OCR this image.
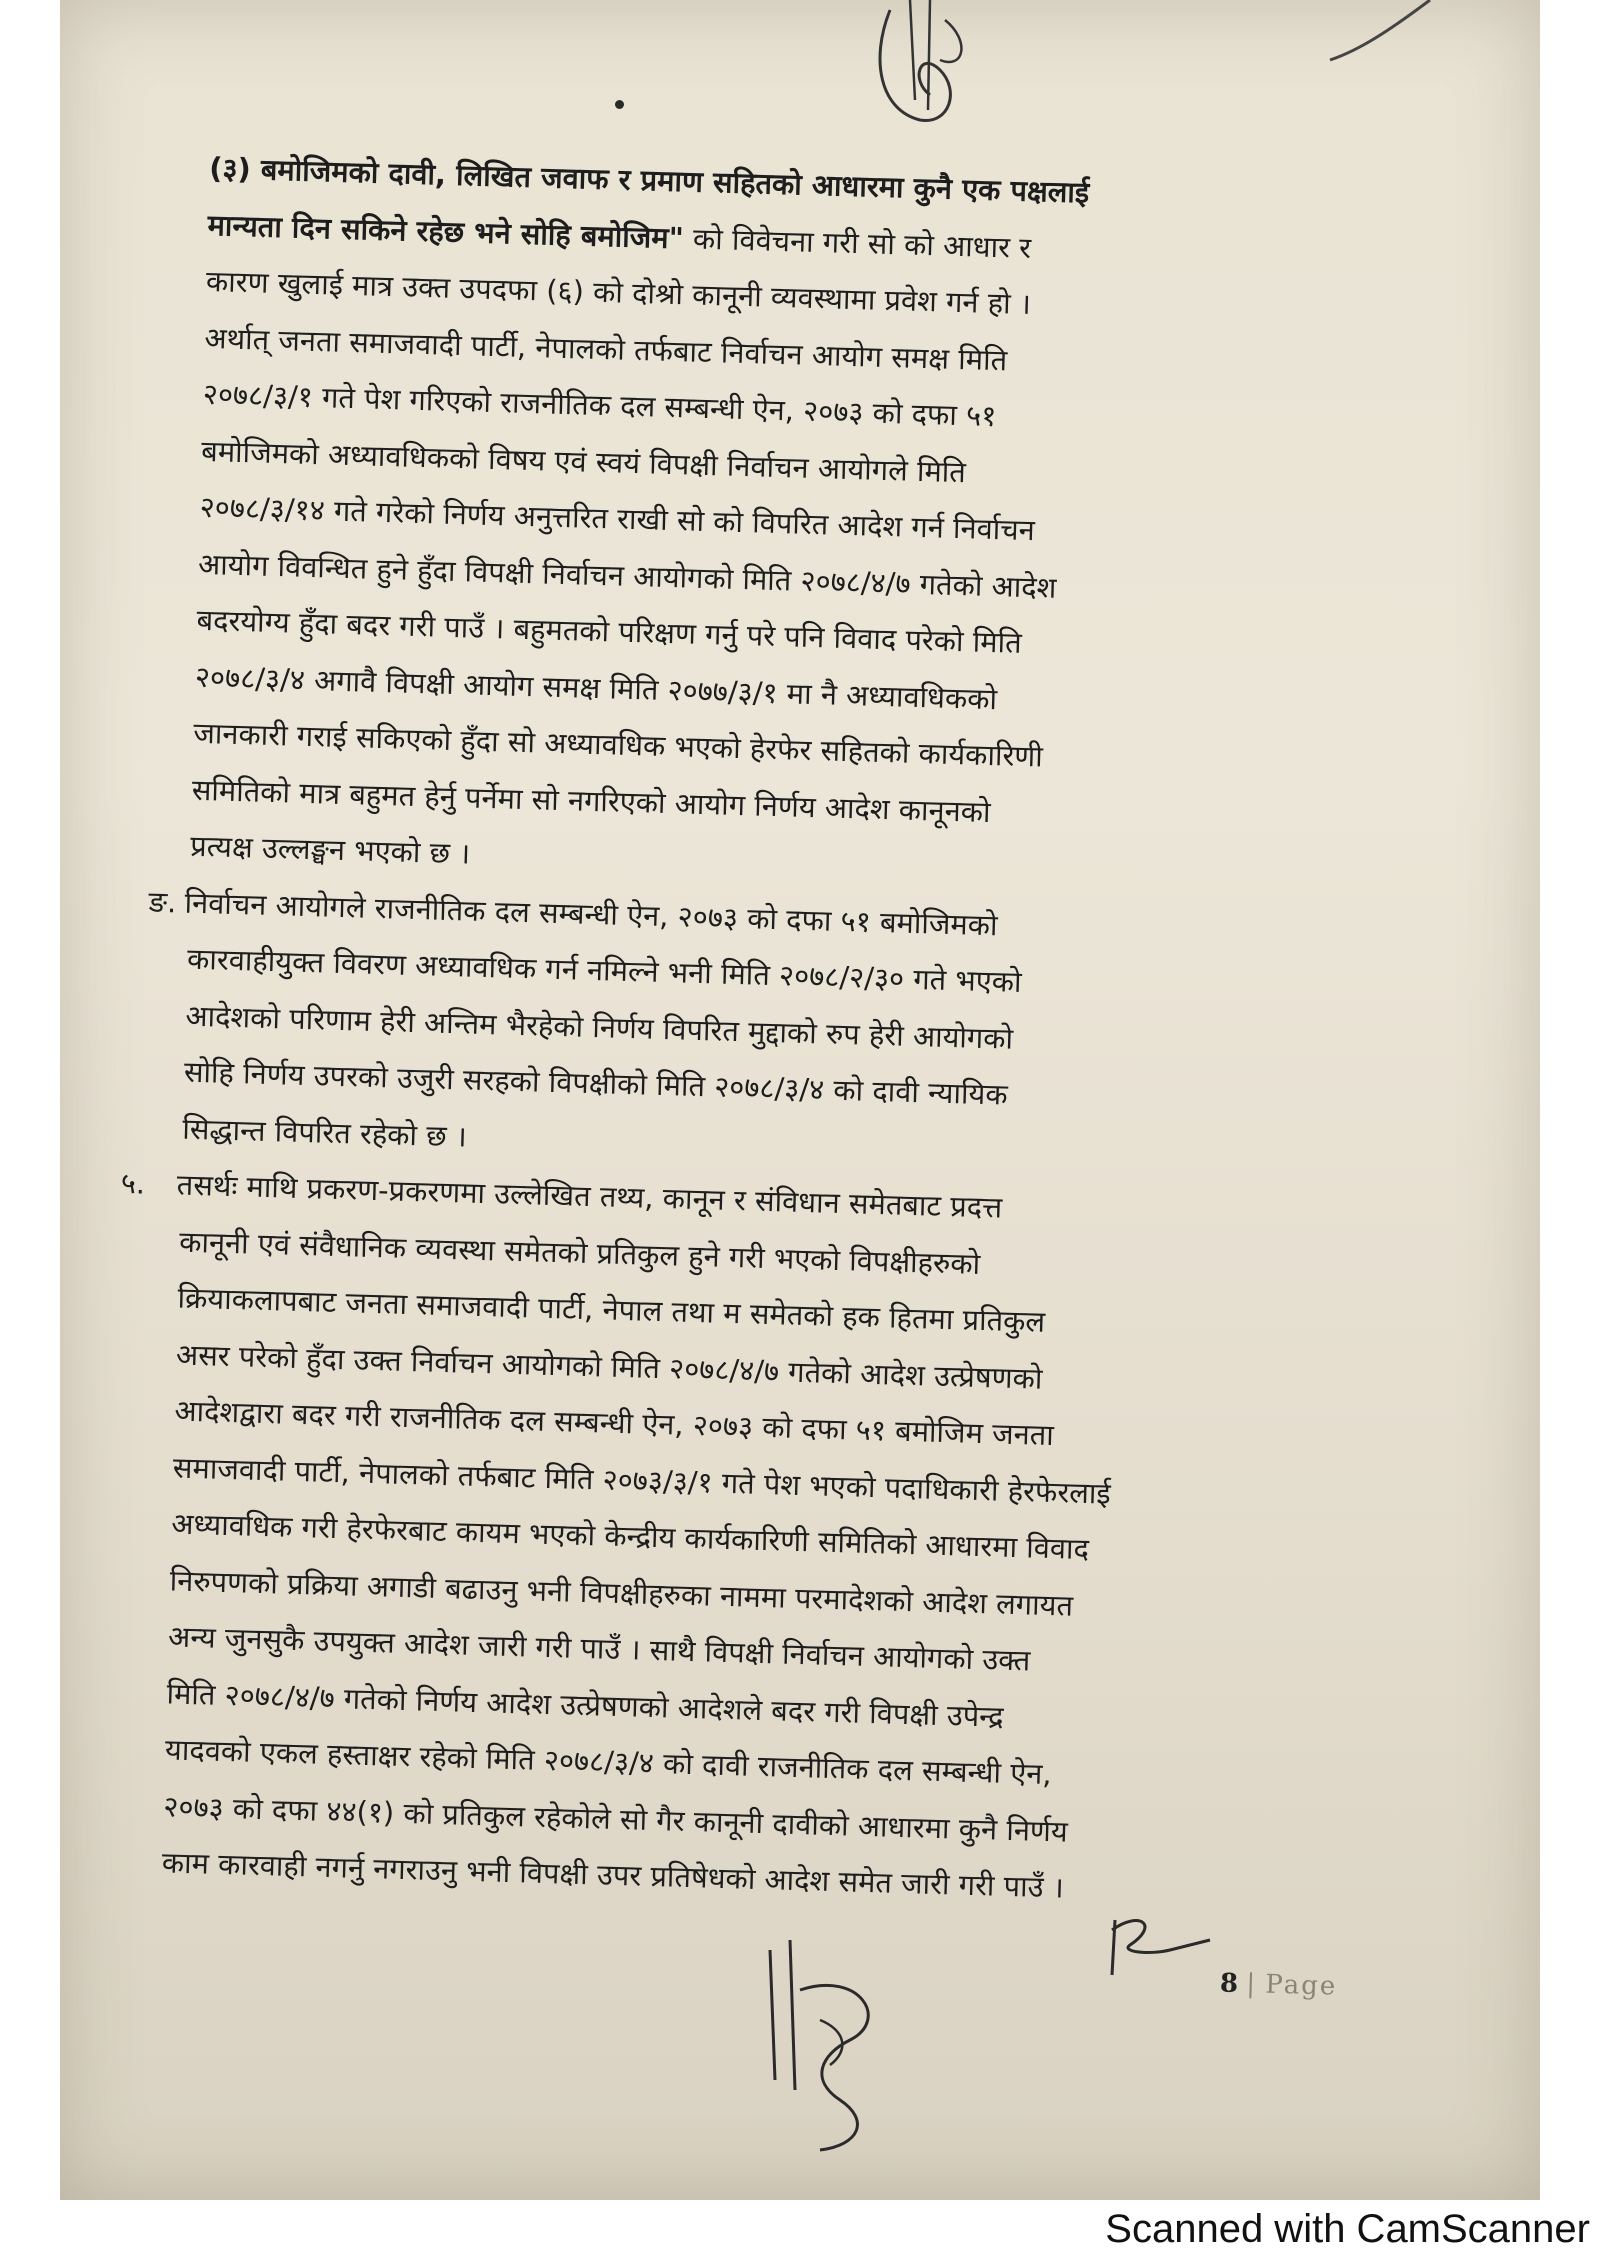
(३) बमोजिमको दावी, लिखित जवाफ र प्रमाण सहितको आधारमा कुनै एक पक्षलाई
मान्यता दिन सकिने रहेछ भने सोहि बमोजिम" को विवेचना गरी सो को आधार र
कारण खुलाई मात्र उक्त उपदफा (६) को दोश्रो कानूनी व्यवस्थामा प्रवेश गर्न हो ।
अर्थात् जनता समाजवादी पार्टी, नेपालको तर्फबाट निर्वाचन आयोग समक्ष मिति
२०७८/३/१ गते पेश गरिएको राजनीतिक दल सम्बन्धी ऐन, २०७३ को दफा ५१
बमोजिमको अध्यावधिकको विषय एवं स्वयं विपक्षी निर्वाचन आयोगले मिति
२०७८/३/१४ गते गरेको निर्णय अनुत्तरित राखी सो को विपरित आदेश गर्न निर्वाचन
आयोग विवन्धित हुने हुँदा विपक्षी निर्वाचन आयोगको मिति २०७८/४/७ गतेको आदेश
बदरयोग्य हुँदा बदर गरी पाउँ । बहुमतको परिक्षण गर्नु परे पनि विवाद परेको मिति
२०७८/३/४ अगावै विपक्षी आयोग समक्ष मिति २०७७/३/१ मा नै अध्यावधिकको
जानकारी गराई सकिएको हुँदा सो अध्यावधिक भएको हेरफेर सहितको कार्यकारिणी
समितिको मात्र बहुमत हेर्नु पर्नेमा सो नगरिएको आयोग निर्णय आदेश कानूनको
प्रत्यक्ष उल्लङ्घन भएको छ ।
ङ. निर्वाचन आयोगले राजनीतिक दल सम्बन्धी ऐन, २०७३ को दफा ५१ बमोजिमको
कारवाहीयुक्त विवरण अध्यावधिक गर्न नमिल्ने भनी मिति २०७८/२/३० गते भएको
आदेशको परिणाम हेरी अन्तिम भैरहेको निर्णय विपरित मुद्दाको रुप हेरी आयोगको
सोहि निर्णय उपरको उजुरी सरहको विपक्षीको मिति २०७८/३/४ को दावी न्यायिक
सिद्धान्त विपरित रहेको छ ।
५. तसर्थः माथि प्रकरण-प्रकरणमा उल्लेखित तथ्य, कानून र संविधान समेतबाट प्रदत्त
कानूनी एवं संवैधानिक व्यवस्था समेतको प्रतिकुल हुने गरी भएको विपक्षीहरुको
क्रियाकलापबाट जनता समाजवादी पार्टी, नेपाल तथा म समेतको हक हितमा प्रतिकुल
असर परेको हुँदा उक्त निर्वाचन आयोगको मिति २०७८/४/७ गतेको आदेश उत्प्रेषणको
आदेशद्वारा बदर गरी राजनीतिक दल सम्बन्धी ऐन, २०७३ को दफा ५१ बमोजिम जनता
समाजवादी पार्टी, नेपालको तर्फबाट मिति २०७३/३/१ गते पेश भएको पदाधिकारी हेरफेरलाई
अध्यावधिक गरी हेरफेरबाट कायम भएको केन्द्रीय कार्यकारिणी समितिको आधारमा विवाद
निरुपणको प्रक्रिया अगाडी बढाउनु भनी विपक्षीहरुका नाममा परमादेशको आदेश लगायत
अन्य जुनसुकै उपयुक्त आदेश जारी गरी पाउँ । साथै विपक्षी निर्वाचन आयोगको उक्त
मिति २०७८/४/७ गतेको निर्णय आदेश उत्प्रेषणको आदेशले बदर गरी विपक्षी उपेन्द्र
यादवको एकल हस्ताक्षर रहेको मिति २०७८/३/४ को दावी राजनीतिक दल सम्बन्धी ऐन,
२०७३ को दफा ४४(१) को प्रतिकुल रहेकोले सो गैर कानूनी दावीको आधारमा कुनै निर्णय
काम कारवाही नगर्नु नगराउनु भनी विपक्षी उपर प्रतिषेधको आदेश समेत जारी गरी पाउँ ।
8 | Page
Scanned with CamScanner
